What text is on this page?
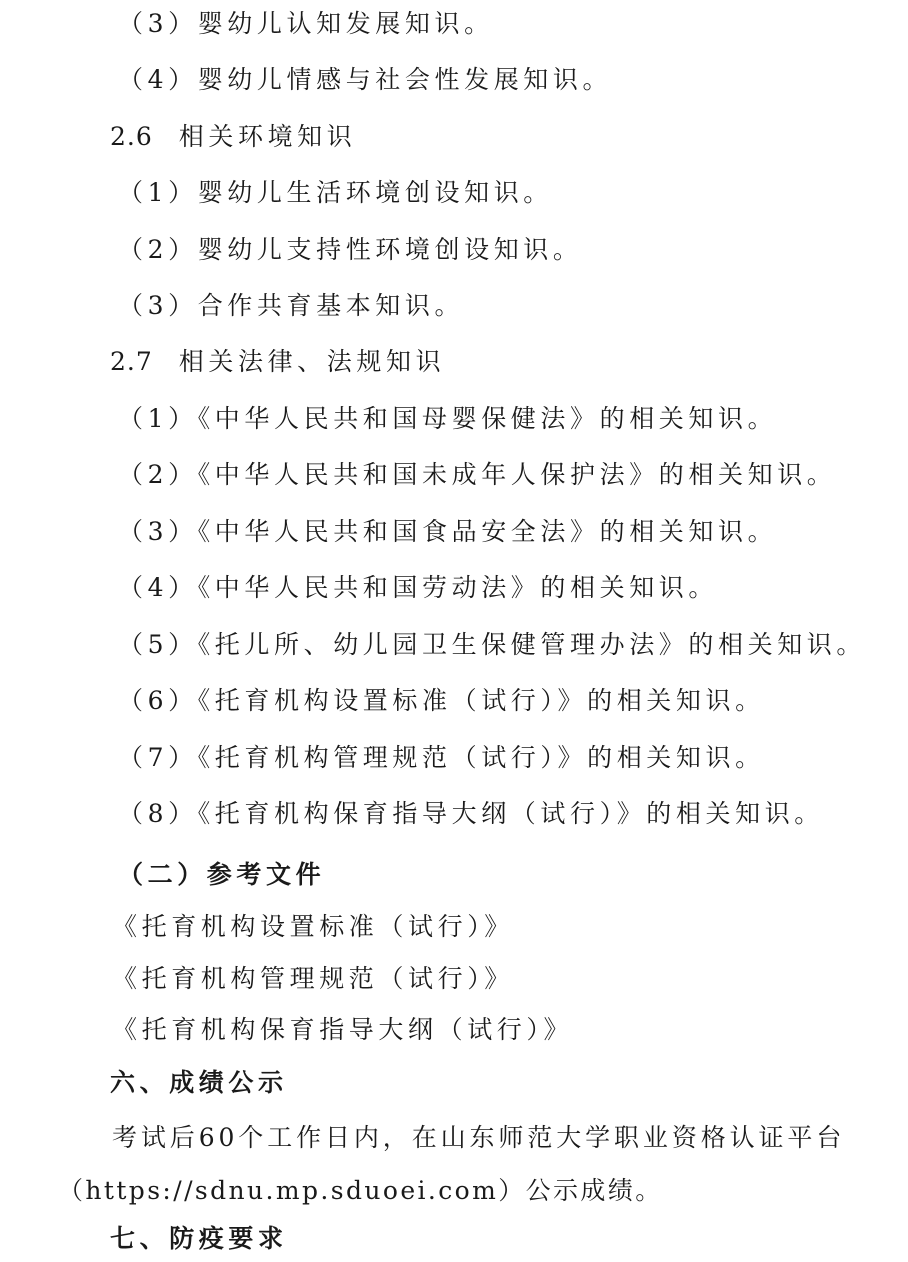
（3）婴幼儿认知发展知识。
（4）婴幼儿情感与社会性发展知识。
2.6 相关环境知识
（1）婴幼儿生活环境创设知识。
（2）婴幼儿支持性环境创设知识。
（3）合作共育基本知识。
2.7 相关法律、法规知识
（1）《中华人民共和国母婴保健法》的相关知识。
（2）《中华人民共和国未成年人保护法》的相关知识。
（3）《中华人民共和国食品安全法》的相关知识。
（4）《中华人民共和国劳动法》的相关知识。
（5）《托儿所、幼儿园卫生保健管理办法》的相关知识。
（6）《托育机构设置标准（试行）》的相关知识。
（7）《托育机构管理规范（试行）》的相关知识。
（8）《托育机构保育指导大纲（试行）》的相关知识。
（二）参考文件
《托育机构设置标准（试行）》
《托育机构管理规范（试行）》
《托育机构保育指导大纲（试行）》
六、成绩公示
考试后60个工作日内，在山东师范大学职业资格认证平台
（https://sdnu.mp.sduoei.com）公示成绩。
七、防疫要求
